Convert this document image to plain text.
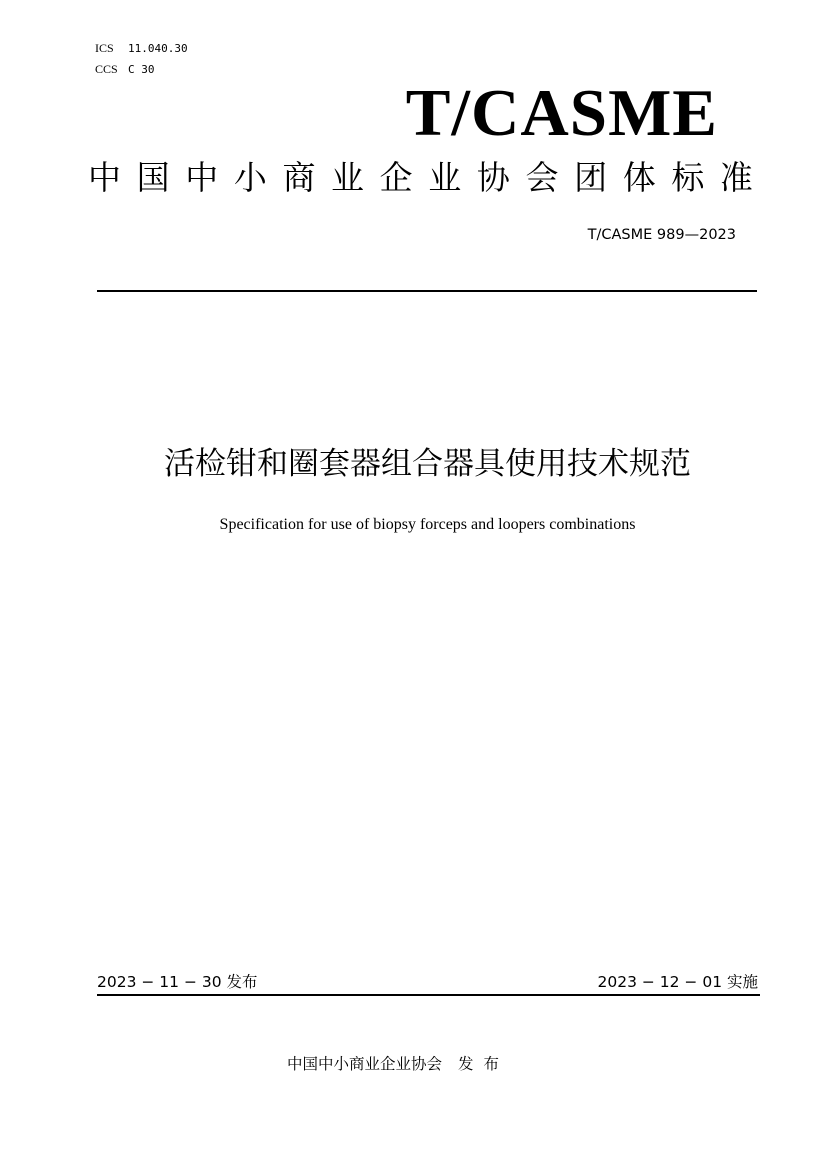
ICS 11.040.30
CCS C 30
T/CASME
中 国 中 小 商 业 企 业 协 会 团 体 标 准
T/CASME 989—2023
活检钳和圈套器组合器具使用技术规范
Specification for use of biopsy forceps and loopers combinations
2023 − 11 − 30 发布	2023 − 12 − 01 实施
中国中小商业企业协会 发布
